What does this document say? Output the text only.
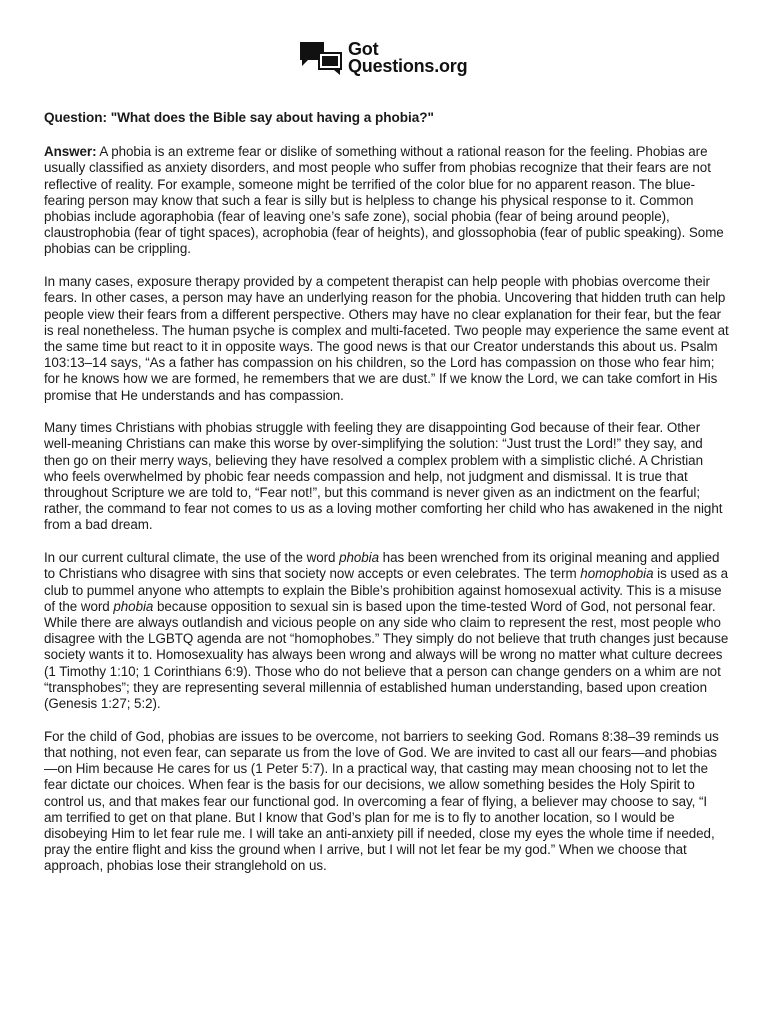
Got
Questions.org
Question: "What does the Bible say about having a phobia?"

Answer: A phobia is an extreme fear or dislike of something without a rational reason for the feeling. Phobias are usually classified as anxiety disorders, and most people who suffer from phobias recognize that their fears are not reflective of reality. For example, someone might be terrified of the color blue for no apparent reason. The blue-fearing person may know that such a fear is silly but is helpless to change his physical response to it. Common phobias include agoraphobia (fear of leaving one’s safe zone), social phobia (fear of being around people), claustrophobia (fear of tight spaces), acrophobia (fear of heights), and glossophobia (fear of public speaking). Some phobias can be crippling.

In many cases, exposure therapy provided by a competent therapist can help people with phobias overcome their fears. In other cases, a person may have an underlying reason for the phobia. Uncovering that hidden truth can help people view their fears from a different perspective. Others may have no clear explanation for their fear, but the fear is real nonetheless. The human psyche is complex and multi-faceted. Two people may experience the same event at the same time but react to it in opposite ways. The good news is that our Creator understands this about us. Psalm 103:13–14 says, “As a father has compassion on his children, so the Lord has compassion on those who fear him; for he knows how we are formed, he remembers that we are dust.” If we know the Lord, we can take comfort in His promise that He understands and has compassion.

Many times Christians with phobias struggle with feeling they are disappointing God because of their fear. Other well-meaning Christians can make this worse by over-simplifying the solution: “Just trust the Lord!” they say, and then go on their merry ways, believing they have resolved a complex problem with a simplistic cliché. A Christian who feels overwhelmed by phobic fear needs compassion and help, not judgment and dismissal. It is true that throughout Scripture we are told to, “Fear not!”, but this command is never given as an indictment on the fearful; rather, the command to fear not comes to us as a loving mother comforting her child who has awakened in the night from a bad dream.

In our current cultural climate, the use of the word phobia has been wrenched from its original meaning and applied to Christians who disagree with sins that society now accepts or even celebrates. The term homophobia is used as a club to pummel anyone who attempts to explain the Bible’s prohibition against homosexual activity. This is a misuse of the word phobia because opposition to sexual sin is based upon the time-tested Word of God, not personal fear. While there are always outlandish and vicious people on any side who claim to represent the rest, most people who disagree with the LGBTQ agenda are not “homophobes.” They simply do not believe that truth changes just because society wants it to. Homosexuality has always been wrong and always will be wrong no matter what culture decrees (1 Timothy 1:10; 1 Corinthians 6:9). Those who do not believe that a person can change genders on a whim are not “transphobes”; they are representing several millennia of established human understanding, based upon creation (Genesis 1:27; 5:2).

For the child of God, phobias are issues to be overcome, not barriers to seeking God. Romans 8:38–39 reminds us that nothing, not even fear, can separate us from the love of God. We are invited to cast all our fears—and phobias—on Him because He cares for us (1 Peter 5:7). In a practical way, that casting may mean choosing not to let the fear dictate our choices. When fear is the basis for our decisions, we allow something besides the Holy Spirit to control us, and that makes fear our functional god. In overcoming a fear of flying, a believer may choose to say, “I am terrified to get on that plane. But I know that God’s plan for me is to fly to another location, so I would be disobeying Him to let fear rule me. I will take an anti-anxiety pill if needed, close my eyes the whole time if needed, pray the entire flight and kiss the ground when I arrive, but I will not let fear be my god.” When we choose that approach, phobias lose their stranglehold on us.
